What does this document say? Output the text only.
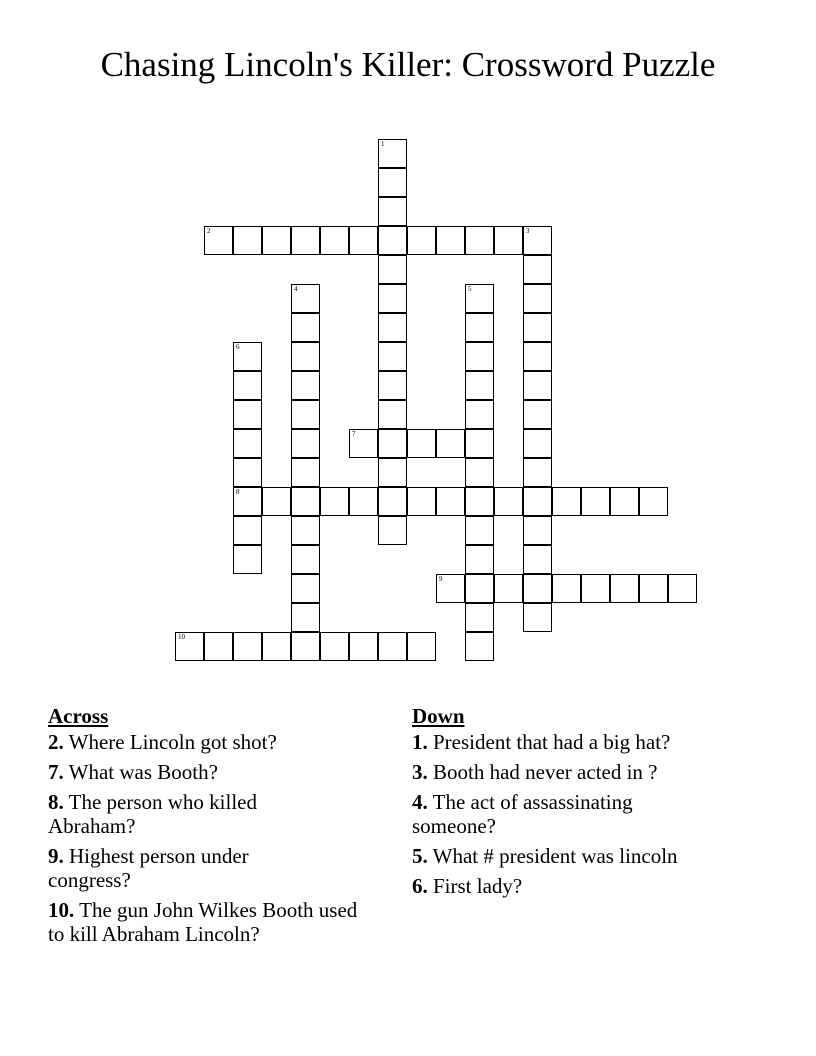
Chasing Lincoln's Killer: Crossword Puzzle
1
2	3
4	5
6
8
7
9
10
Across
2. Where Lincoln got shot?
7. What was Booth?
8. The person who killed Abraham?
9. Highest person under congress?
10. The gun John Wilkes Booth used to kill Abraham Lincoln?
Down
1. President that had a big hat?
3. Booth had never acted in ?
4. The act of assassinating someone?
5. What # president was lincoln
6. First lady?
